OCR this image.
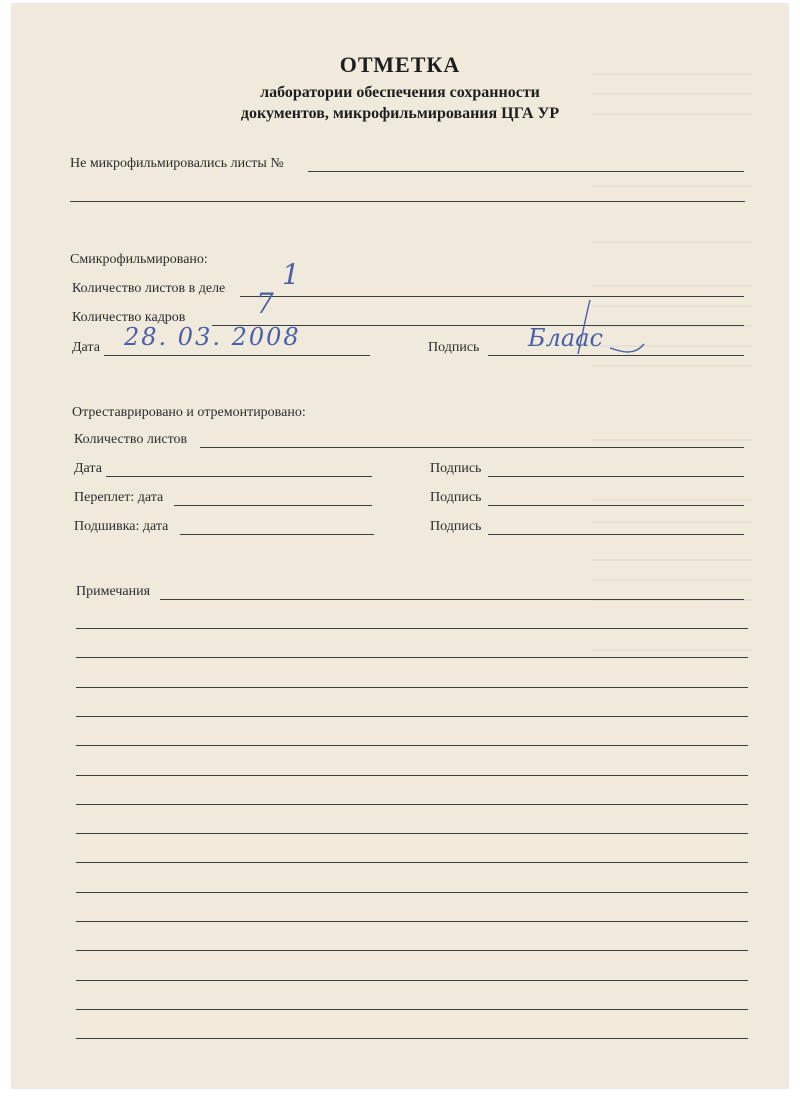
ОТМЕТКА
лаборатории обеспечения сохранности
документов, микрофильмирования ЦГА УР
Не микрофильмировались листы №
Смикрофильмировано:
Количество листов в деле 1
Количество кадров	7
Дата 28. 03. 2008	Подпись Блаас
Отреставрировано и отремонтировано:
Количество листов
Дата	Подпись
Переплет: дата	Подпись
Подшивка: дата	Подпись
Примечания
